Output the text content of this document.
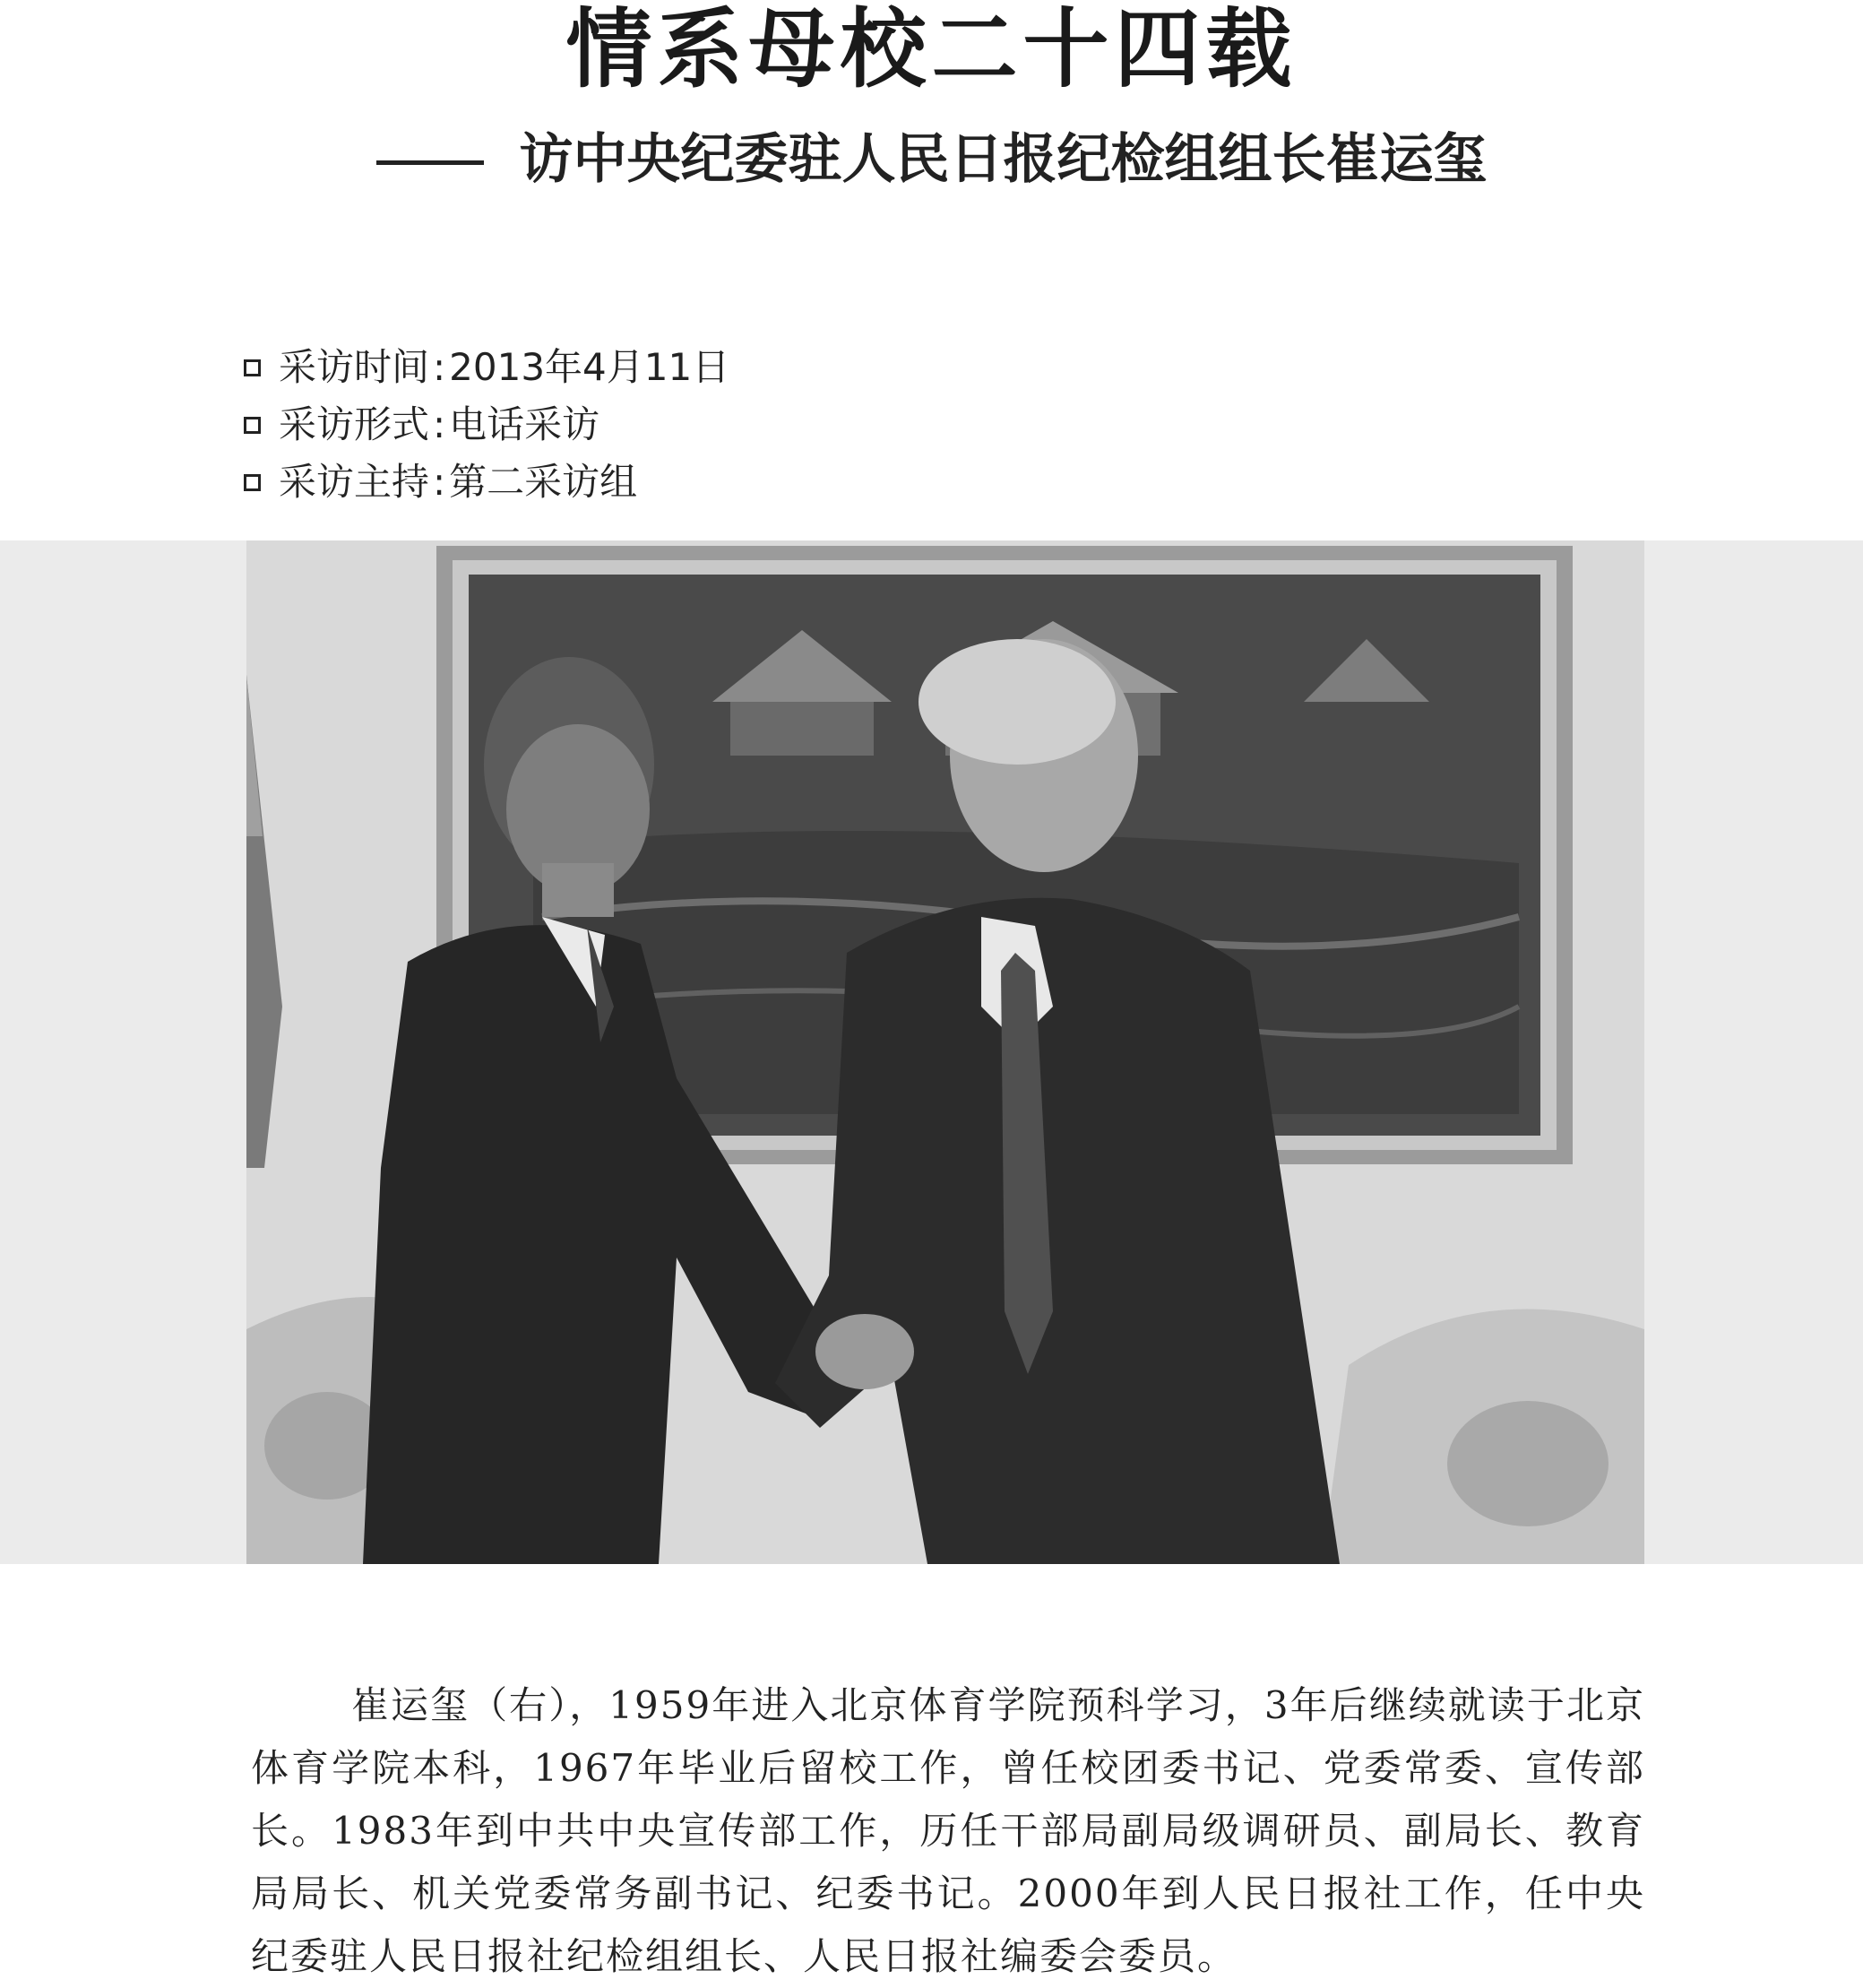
情系母校二十四载
访中央纪委驻人民日报纪检组组长崔运玺
采访时间 : 2013年4月11日
采访形式 : 电话采访
采访主持 : 第二采访组

崔运玺（右），1959年进入北京体育学院预科学习，3年后继续就读于北京体育学院本科，1967年毕业后留校工作，曾任校团委书记、党委常委、宣传部长。1983年到中共中央宣传部工作，历任干部局副局级调研员、副局长、教育局局长、机关党委常务副书记、纪委书记。2000年到人民日报社工作，任中央纪委驻人民日报社纪检组组长、人民日报社编委会委员。
